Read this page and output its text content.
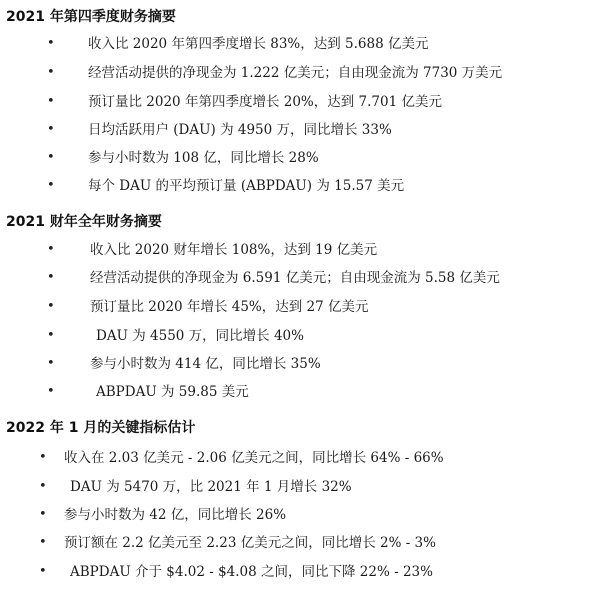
2021 年第四季度财务摘要
• 收入比 2020 年第四季度增长 83%，达到 5.688 亿美元
• 经营活动提供的净现金为 1.222 亿美元；自由现金流为 7730 万美元
• 预订量比 2020 年第四季度增长 20%，达到 7.701 亿美元
• 日均活跃用户 (DAU) 为 4950 万，同比增长 33%
• 参与小时数为 108 亿，同比增长 28%
• 每个 DAU 的平均预订量 (ABPDAU) 为 15.57 美元
2021 财年全年财务摘要
•	收入比 2020 财年增长 108%，达到 19 亿美元
•	经营活动提供的净现金为 6.591 亿美元；自由现金流为 5.58 亿美元
•	预订量比 2020 年增长 45%，达到 27 亿美元
•	DAU 为 4550 万，同比增长 40%
•	参与小时数为 414 亿，同比增长 35%
•	ABPDAU 为 59.85 美元
2022 年 1 月的关键指标估计
• 收入在 2.03 亿美元 - 2.06 亿美元之间，同比增长 64% - 66%
• DAU 为 5470 万，比 2021 年 1 月增长 32%
• 参与小时数为 42 亿，同比增长 26%
• 预订额在 2.2 亿美元至 2.23 亿美元之间，同比增长 2% - 3%
• ABPDAU 介于 $4.02 - $4.08 之间，同比下降 22% - 23%
